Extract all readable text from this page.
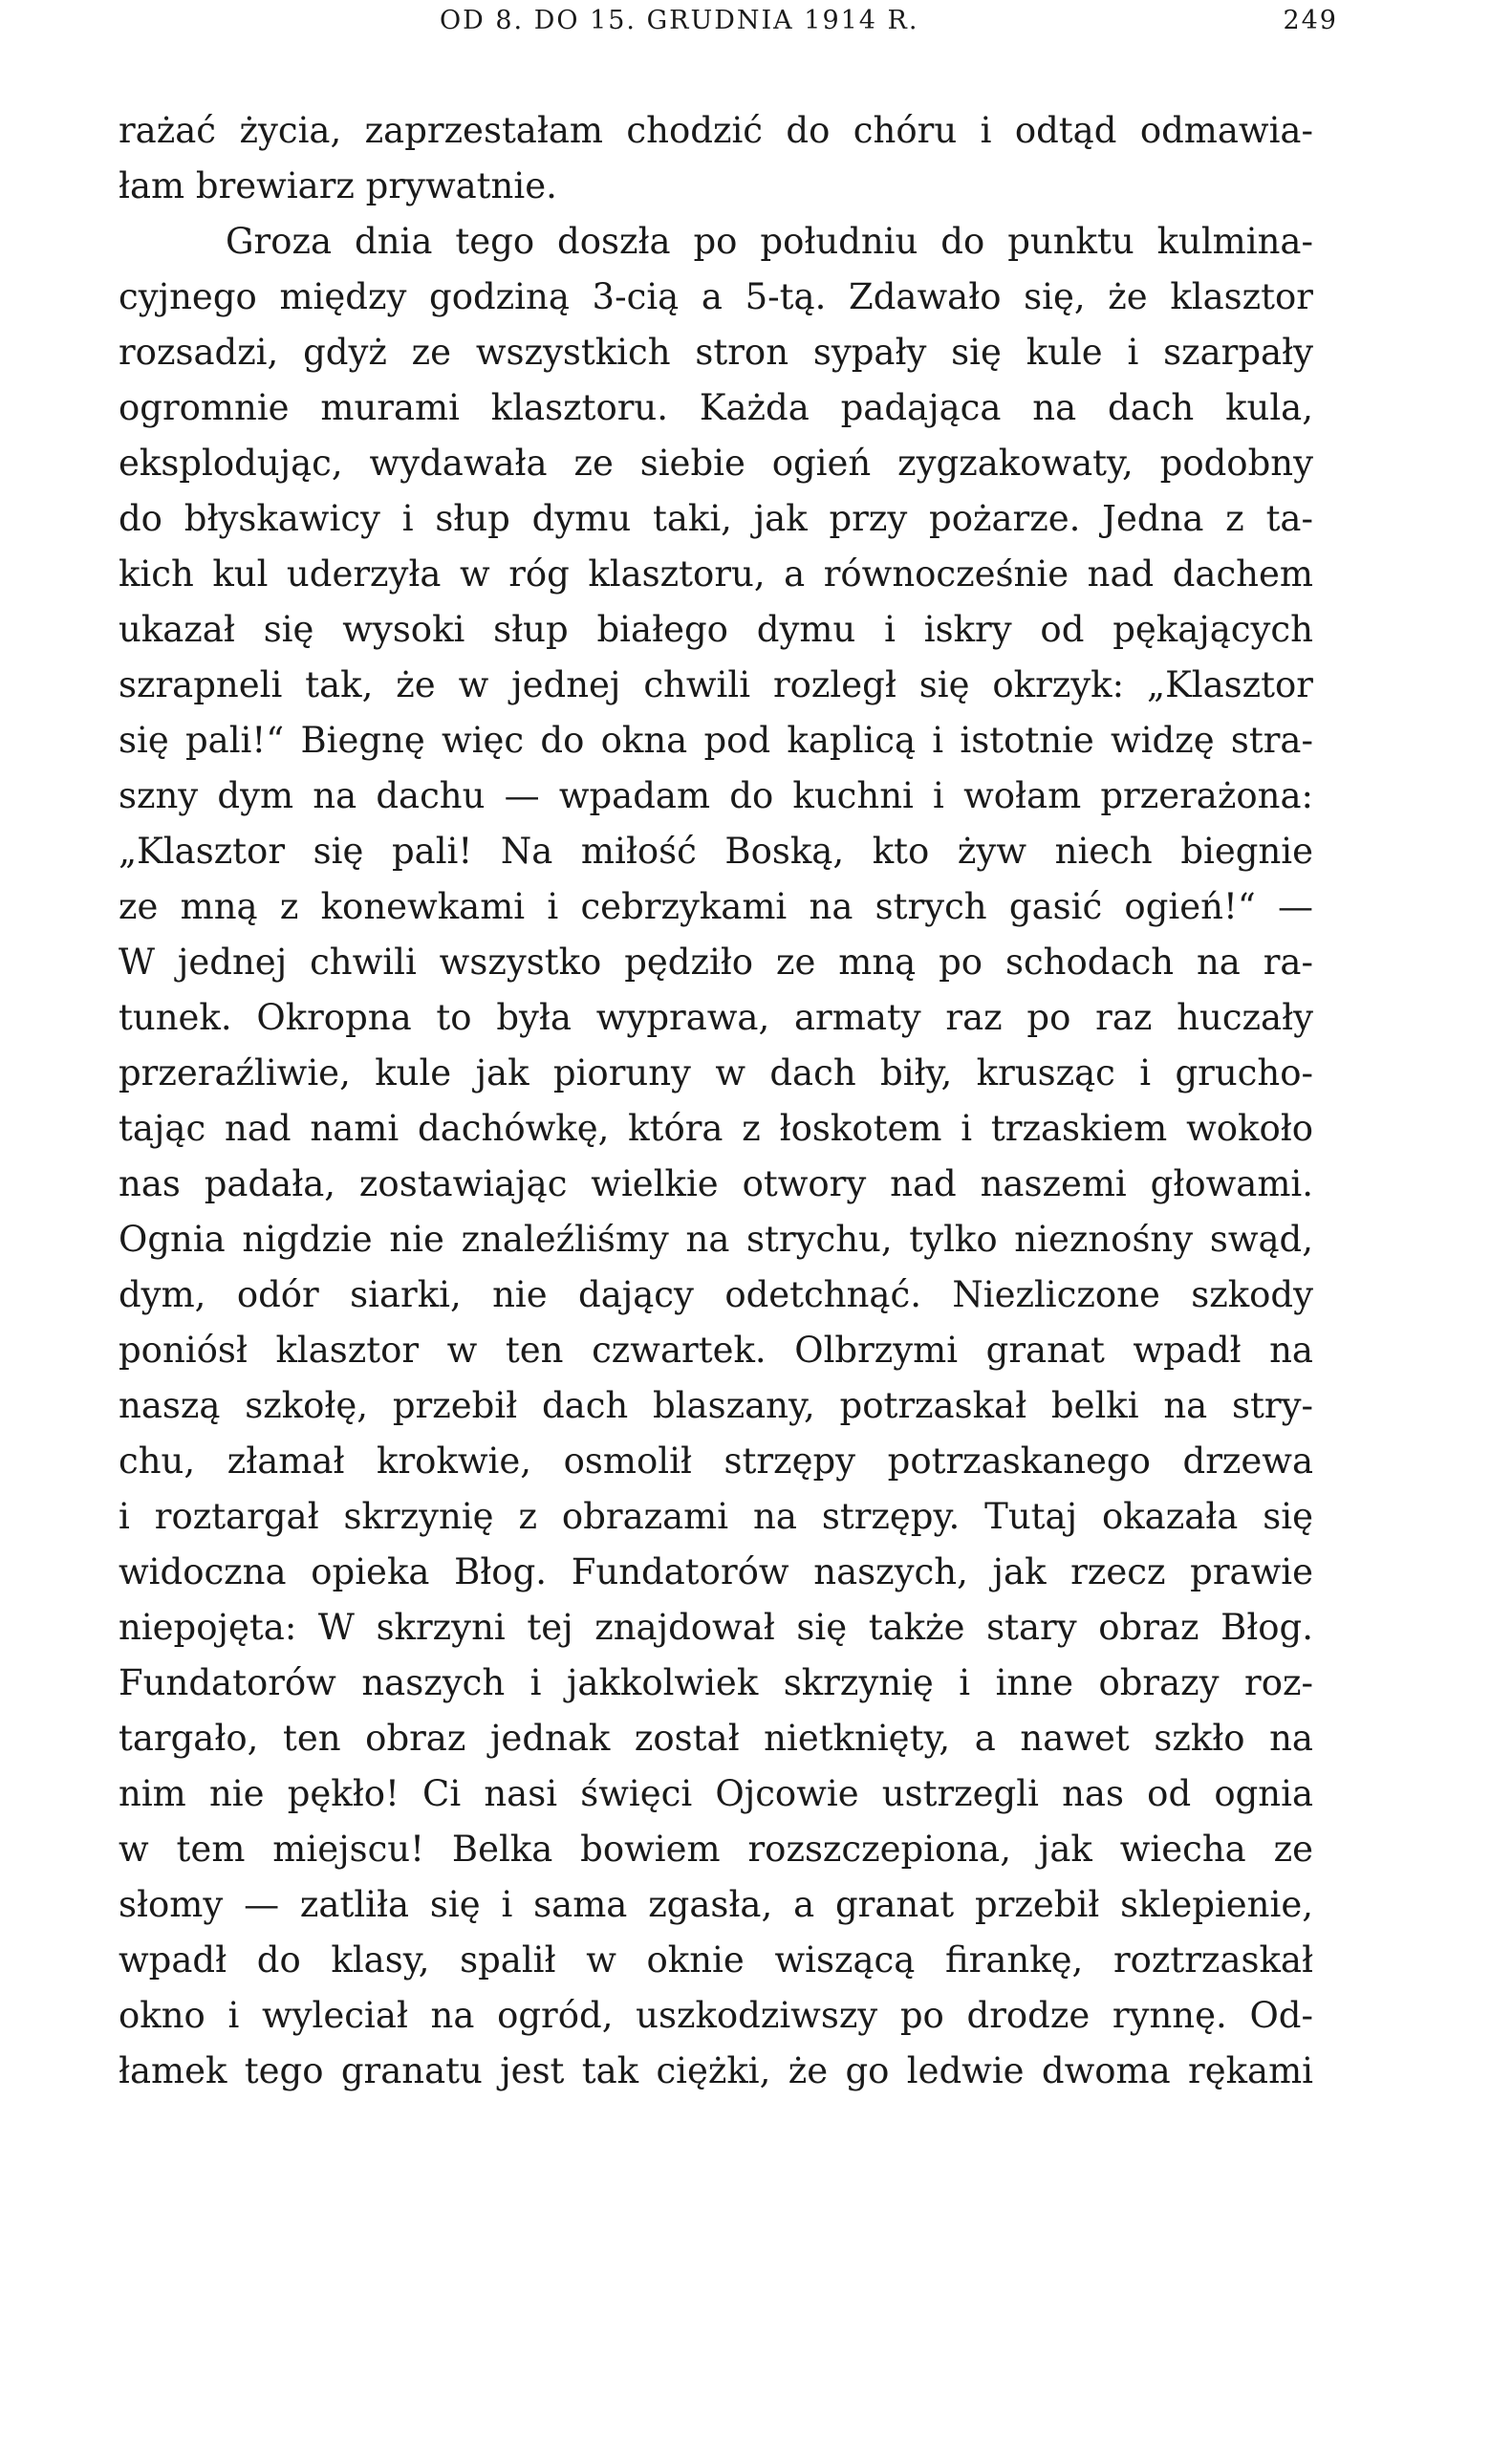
OD 8. DO 15. GRUDNIA 1914 R.	249
rażać życia, zaprzestałam chodzić do chóru i odtąd odmawia-
łam brewiarz prywatnie.
Groza dnia tego doszła po południu do punktu kulmina-
cyjnego między godziną 3-cią a 5-tą. Zdawało się, że klasztor
rozsadzi, gdyż ze wszystkich stron sypały się kule i szarpały
ogromnie murami klasztoru. Każda padająca na dach kula,
eksplodując, wydawała ze siebie ogień zygzakowaty, podobny
do błyskawicy i słup dymu taki, jak przy pożarze. Jedna z ta-
kich kul uderzyła w róg klasztoru, a równocześnie nad dachem
ukazał się wysoki słup białego dymu i iskry od pękających
szrapneli tak, że w jednej chwili rozległ się okrzyk: „Klasztor
się pali!“ Biegnę więc do okna pod kaplicą i istotnie widzę stra-
szny dym na dachu — wpadam do kuchni i wołam przerażona:
„Klasztor się pali! Na miłość Boską, kto żyw niech biegnie
ze mną z konewkami i cebrzykami na strych gasić ogień!“ —
W jednej chwili wszystko pędziło ze mną po schodach na ra-
tunek. Okropna to była wyprawa, armaty raz po raz huczały
przeraźliwie, kule jak pioruny w dach biły, krusząc i grucho-
tając nad nami dachówkę, która z łoskotem i trzaskiem wokoło
nas padała, zostawiając wielkie otwory nad naszemi głowami.
Ognia nigdzie nie znaleźliśmy na strychu, tylko nieznośny swąd,
dym, odór siarki, nie dający odetchnąć. Niezliczone szkody
poniósł klasztor w ten czwartek. Olbrzymi granat wpadł na
naszą szkołę, przebił dach blaszany, potrzaskał belki na stry-
chu, złamał krokwie, osmolił strzępy potrzaskanego drzewa
i roztargał skrzynię z obrazami na strzępy. Tutaj okazała się
widoczna opieka Błog. Fundatorów naszych, jak rzecz prawie
niepojęta: W skrzyni tej znajdował się także stary obraz Błog.
Fundatorów naszych i jakkolwiek skrzynię i inne obrazy roz-
targało, ten obraz jednak został nietknięty, a nawet szkło na
nim nie pękło! Ci nasi święci Ojcowie ustrzegli nas od ognia
w tem miejscu! Belka bowiem rozszczepiona, jak wiecha ze
słomy — zatliła się i sama zgasła, a granat przebił sklepienie,
wpadł do klasy, spalił w oknie wiszącą firankę, roztrzaskał
okno i wyleciał na ogród, uszkodziwszy po drodze rynnę. Od-
łamek tego granatu jest tak ciężki, że go ledwie dwoma rękami
